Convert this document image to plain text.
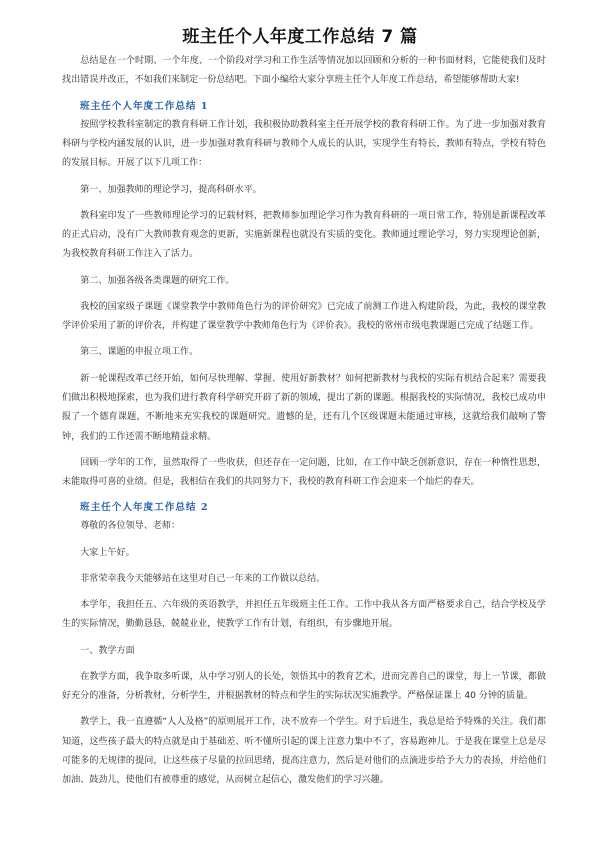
班主任个人年度工作总结 7 篇

总结是在一个时期、一个年度、一个阶段对学习和工作生活等情况加以回顾和分析的一种书面材料，它能使我们及时找出错误并改正，不如我们来制定一份总结吧。下面小编给大家分享班主任个人年度工作总结，希望能够帮助大家!

班主任个人年度工作总结 1

按照学校教科室制定的教育科研工作计划，我积极协助教科室主任开展学校的教育科研工作。为了进一步加强对教育科研与学校内涵发展的认识，进一步加强对教育科研与教师个人成长的认识，实现学生有特长，教师有特点，学校有特色的发展目标。开展了以下几项工作：

第一、加强教师的理论学习，提高科研水平。

教科室印发了一些教师理论学习的记载材料，把教师参加理论学习作为教育科研的一项日常工作，特别是新课程改革的正式启动，没有广大教师教育观念的更新，实施新课程也就没有实质的变化。教师通过理论学习，努力实现理论创新，为我校教育科研工作注入了活力。

第二、加强各级各类课题的研究工作。

我校的国家级子课题《课堂教学中教师角色行为的评价研究》已完成了前测工作进入构建阶段，为此，我校的课堂教学评价采用了新的评价表，并构建了课堂教学中教师角色行为《评价表》。我校的常州市级电教课题已完成了结题工作。

第三、课题的申报立项工作。

新一轮课程改革已经开始，如何尽快理解、掌握、使用好新教材？如何把新教材与我校的实际有机结合起来？需要我们做出积极地探索，也为我们进行教育科学研究开辟了新的领域，提出了新的课题。根据我校的实际情况，我校已成功申报了一个德育课题，不断地来充实我校的课题研究。遗憾的是，还有几个区级课题未能通过审核，这就给我们敲响了警钟，我们的工作还需不断地精益求精。

回顾一学年的工作，虽然取得了一些收获，但还存在一定问题，比如，在工作中缺乏创新意识，存在一种惰性思想，未能取得可喜的业绩。但是，我相信在我们的共同努力下，我校的教育科研工作会迎来一个灿烂的春天。

班主任个人年度工作总结 2

尊敬的各位领导、老师：

大家上午好。

非常荣幸我今天能够站在这里对自己一年来的工作做以总结。

本学年，我担任五、六年级的英语教学，并担任五年级班主任工作。工作中我从各方面严格要求自己，结合学校及学生的实际情况，勤勤恳恳，兢兢业业，使教学工作有计划，有组织，有步骤地开展。

一、教学方面

在教学方面，我争取多听课，从中学习别人的长处，领悟其中的教育艺术，进而完善自己的课堂，每上一节课，都做好充分的准备，分析教材，分析学生，并根据教材的特点和学生的实际状况实施教学。严格保证课上 40 分钟的质量。

教学上，我一直遵循“人人及格”的原则展开工作，决不放弃一个学生。对于后进生，我总是给予特殊的关注。我们都知道，这些孩子最大的特点就是由于基础差、听不懂所引起的课上注意力集中不了，容易跑神儿。于是我在课堂上总是尽可能多的无规律的提问，让这些孩子尽量的拉回思绪，提高注意力，然后是对他们的点滴进步给予大力的表扬，并给他们加油、鼓劲儿，使他们有被尊重的感觉，从而树立起信心，激发他们的学习兴趣。
